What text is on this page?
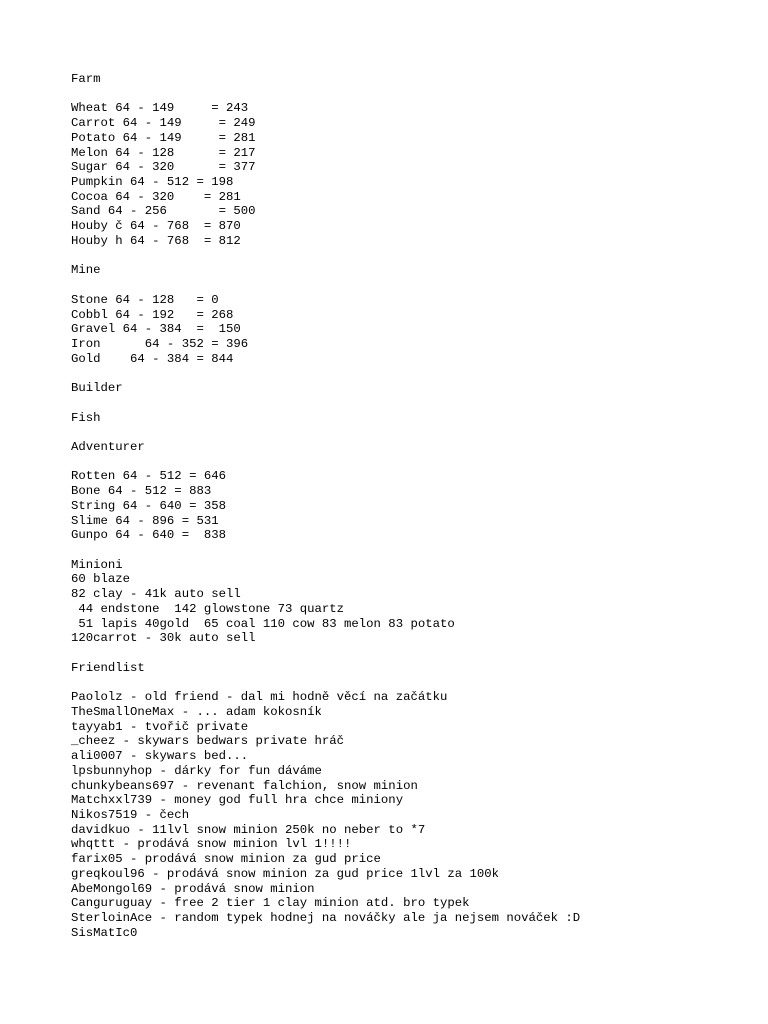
Farm
Wheat 64 - 149     = 243
Carrot 64 - 149     = 249
Potato 64 - 149     = 281
Melon 64 - 128      = 217
Sugar 64 - 320      = 377
Pumpkin 64 - 512 = 198
Cocoa 64 - 320    = 281
Sand 64 - 256       = 500
Houby č 64 - 768  = 870
Houby h 64 - 768  = 812
Mine
Stone 64 - 128   = 0
Cobbl 64 - 192   = 268
Gravel 64 - 384  =  150
Iron      64 - 352 = 396
Gold    64 - 384 = 844
Builder
Fish
Adventurer
Rotten 64 - 512 = 646
Bone 64 - 512 = 883
String 64 - 640 = 358
Slime 64 - 896 = 531
Gunpo 64 - 640 =  838
Minioni
60 blaze
82 clay - 41k auto sell
44 endstone  142 glowstone 73 quartz
51 lapis 40gold  65 coal 110 cow 83 melon 83 potato
120carrot - 30k auto sell
Friendlist
Paololz - old friend - dal mi hodně věcí na začátku
TheSmallOneMax - ... adam kokosník
tayyab1 - tvořič private
_cheez - skywars bedwars private hráč
ali0007 - skywars bed...
lpsbunnyhop - dárky for fun dáváme
chunkybeans697 - revenant falchion, snow minion
Matchxxl739 - money god full hra chce miniony
Nikos7519 - čech
davidkuo - 11lvl snow minion 250k no neber to *7
whqttt - prodává snow minion lvl 1!!!!
farix05 - prodává snow minion za gud price
greqkoul96 - prodává snow minion za gud price 1lvl za 100k
AbeMongol69 - prodává snow minion
Canguruguay - free 2 tier 1 clay minion atd. bro typek
SterloinAce - random typek hodnej na nováčky ale ja nejsem nováček :D
SisMatIc0
